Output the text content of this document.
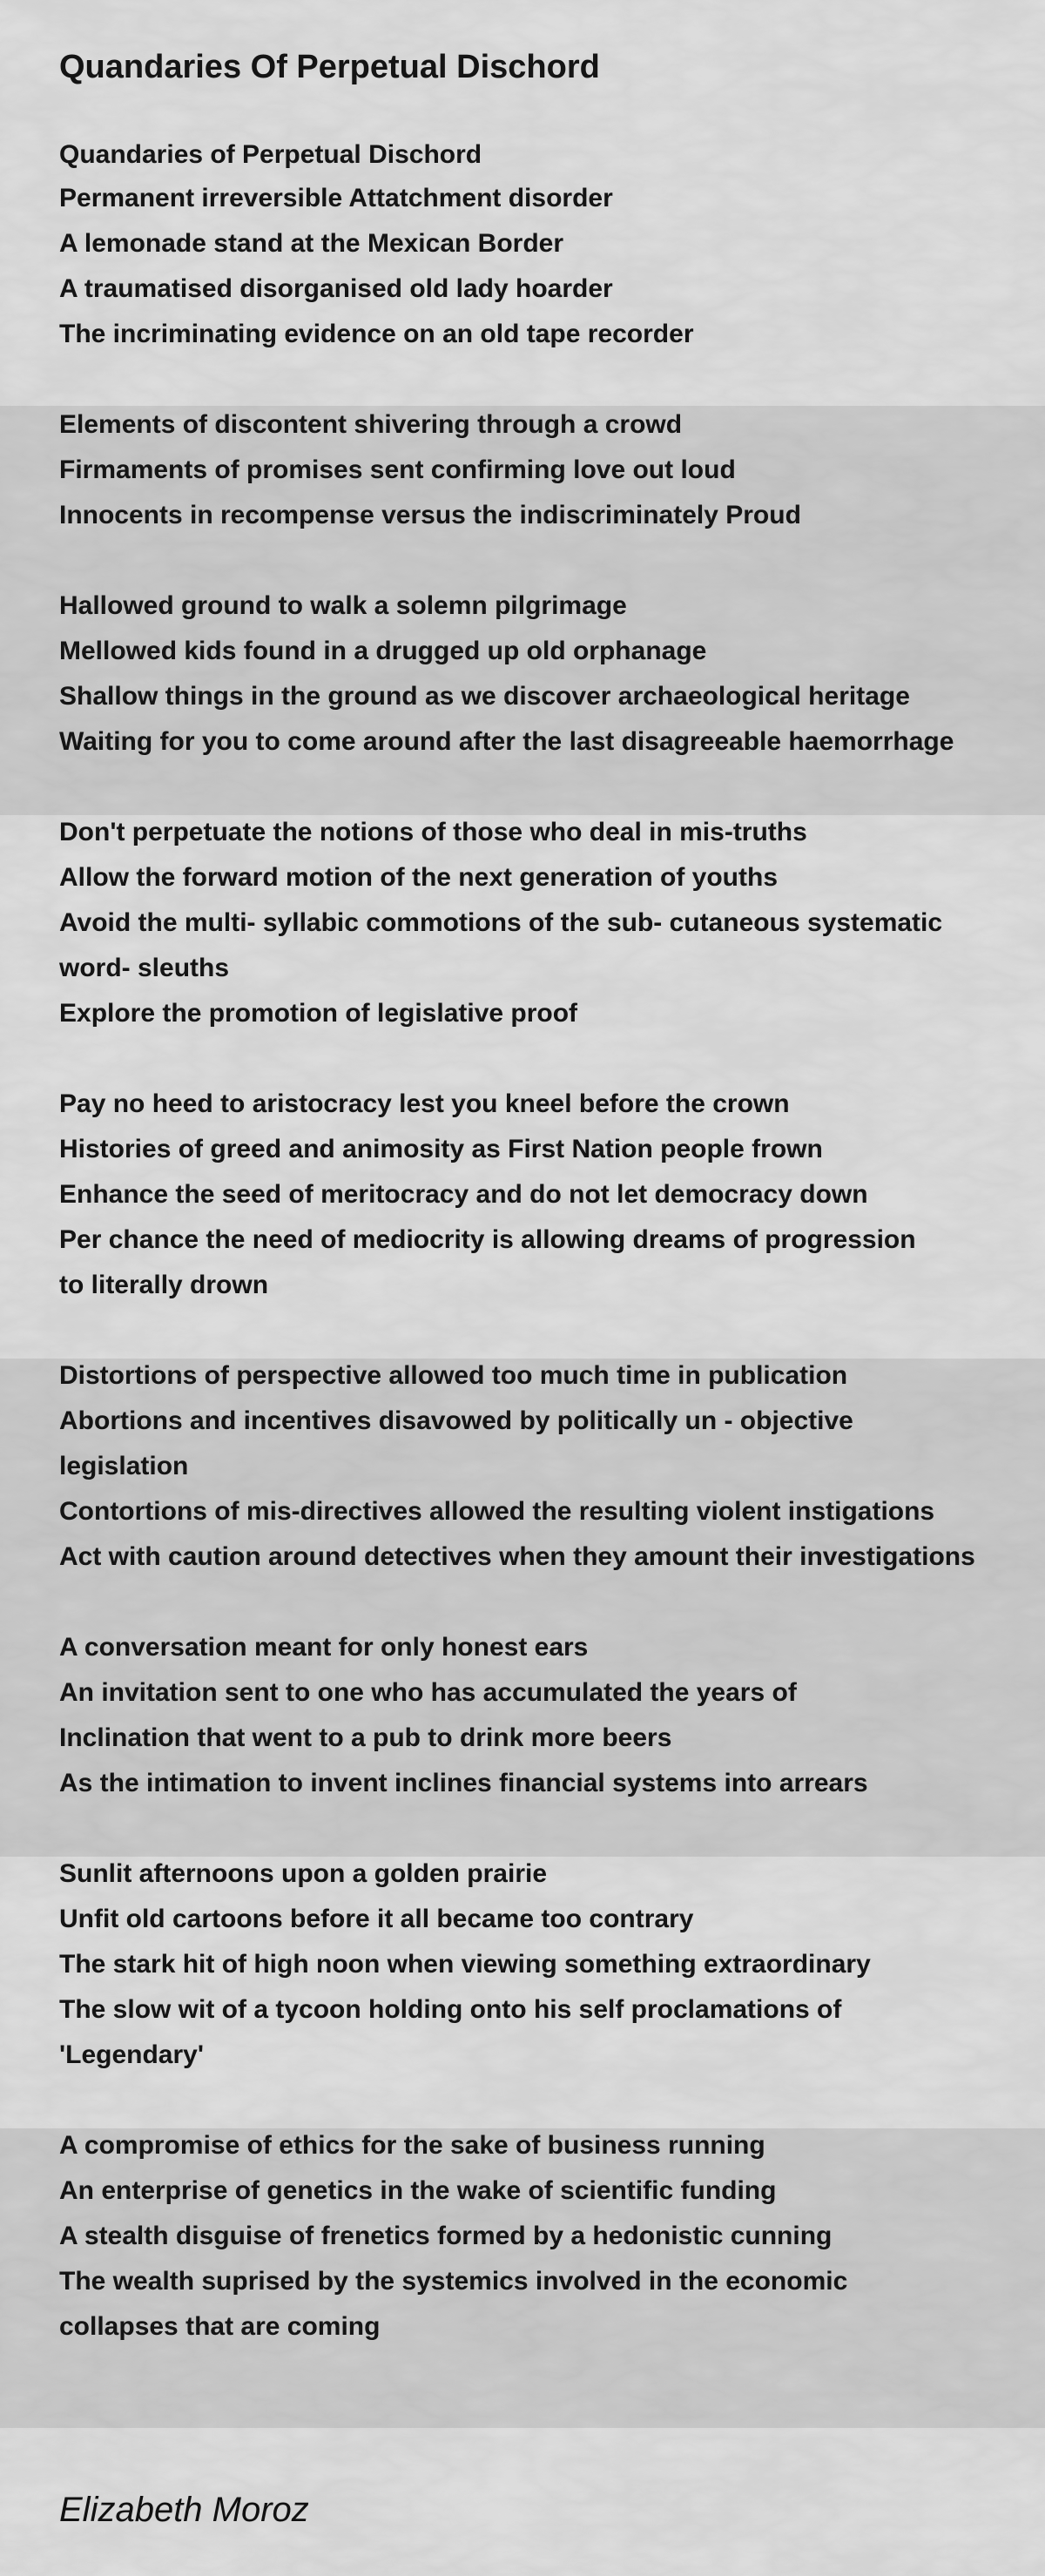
Quandaries Of Perpetual Dischord
Quandaries of Perpetual Dischord
Permanent irreversible Attatchment disorder
A lemonade stand at the Mexican Border
A traumatised disorganised old lady hoarder
The incriminating evidence on an old tape recorder
Elements of discontent shivering through a crowd
Firmaments of promises sent confirming love out loud
Innocents in recompense versus the indiscriminately Proud
Hallowed ground to walk a solemn pilgrimage
Mellowed kids found in a drugged up old orphanage
Shallow things in the ground as we discover archaeological heritage
Waiting for you to come around after the last disagreeable haemorrhage
Don't perpetuate the notions of those who deal in mis-truths
Allow the forward motion of the next generation of youths
Avoid the multi- syllabic commotions of the sub- cutaneous systematic
word- sleuths
Explore the promotion of legislative proof
Pay no heed to aristocracy lest you kneel before the crown
Histories of greed and animosity as First Nation people frown
Enhance the seed of meritocracy and do not let democracy down
Per chance the need of mediocrity is allowing dreams of progression
to literally drown
Distortions of perspective allowed too much time in publication
Abortions and incentives disavowed by politically un - objective
legislation
Contortions of mis-directives allowed the resulting violent instigations
Act with caution around detectives when they amount their investigations
A conversation meant for only honest ears
An invitation sent to one who has accumulated the years of
Inclination that went to a pub to drink more beers
As the intimation to invent inclines financial systems into arrears
Sunlit afternoons upon a golden prairie
Unfit old cartoons before it all became too contrary
The stark hit of high noon when viewing something extraordinary
The slow wit of a tycoon holding onto his self proclamations of
'Legendary'
A compromise of ethics for the sake of business running
An enterprise of genetics in the wake of scientific funding
A stealth disguise of frenetics formed by a hedonistic cunning
The wealth suprised by the systemics involved in the economic
collapses that are coming
Elizabeth Moroz
